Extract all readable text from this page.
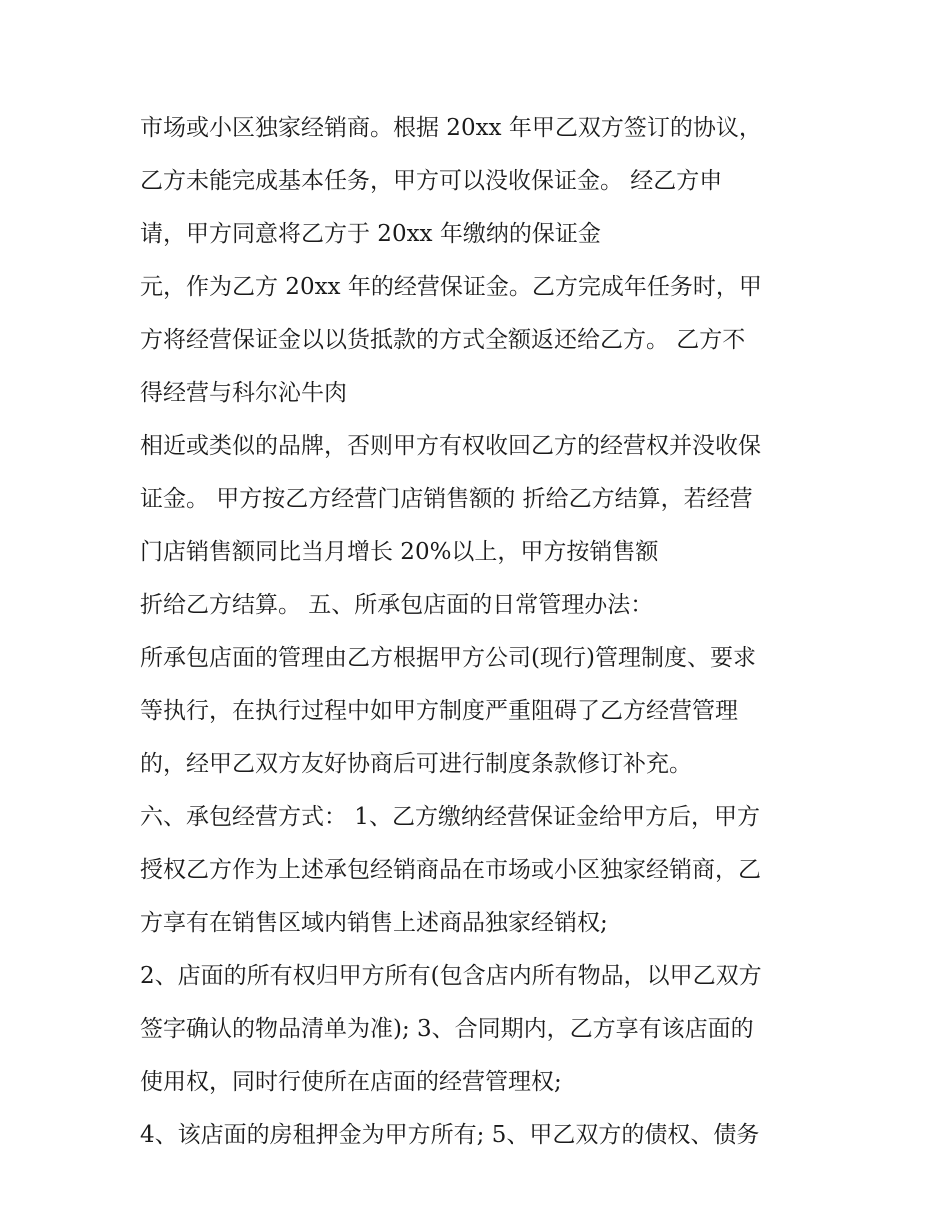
市场或小区独家经销商。根据 20xx 年甲乙双方签订的协议，
乙方未能完成基本任务，甲方可以没收保证金。 经乙方申
请，甲方同意将乙方于 20xx 年缴纳的保证金
元，作为乙方 20xx 年的经营保证金。乙方完成年任务时，甲
方将经营保证金以以货抵款的方式全额返还给乙方。 乙方不
得经营与科尔沁牛肉
相近或类似的品牌，否则甲方有权收回乙方的经营权并没收保
证金。 甲方按乙方经营门店销售额的 折给乙方结算，若经营
门店销售额同比当月增长 20%以上，甲方按销售额
折给乙方结算。 五、所承包店面的日常管理办法：
所承包店面的管理由乙方根据甲方公司(现行)管理制度、要求
等执行，在执行过程中如甲方制度严重阻碍了乙方经营管理
的，经甲乙双方友好协商后可进行制度条款修订补充。
六、承包经营方式： 1、乙方缴纳经营保证金给甲方后，甲方
授权乙方作为上述承包经销商品在市场或小区独家经销商，乙
方享有在销售区域内销售上述商品独家经销权;
2、店面的所有权归甲方所有(包含店内所有物品，以甲乙双方
签字确认的物品清单为准); 3、合同期内，乙方享有该店面的
使用权，同时行使所在店面的经营管理权;
4、该店面的房租押金为甲方所有; 5、甲乙双方的债权、债务
